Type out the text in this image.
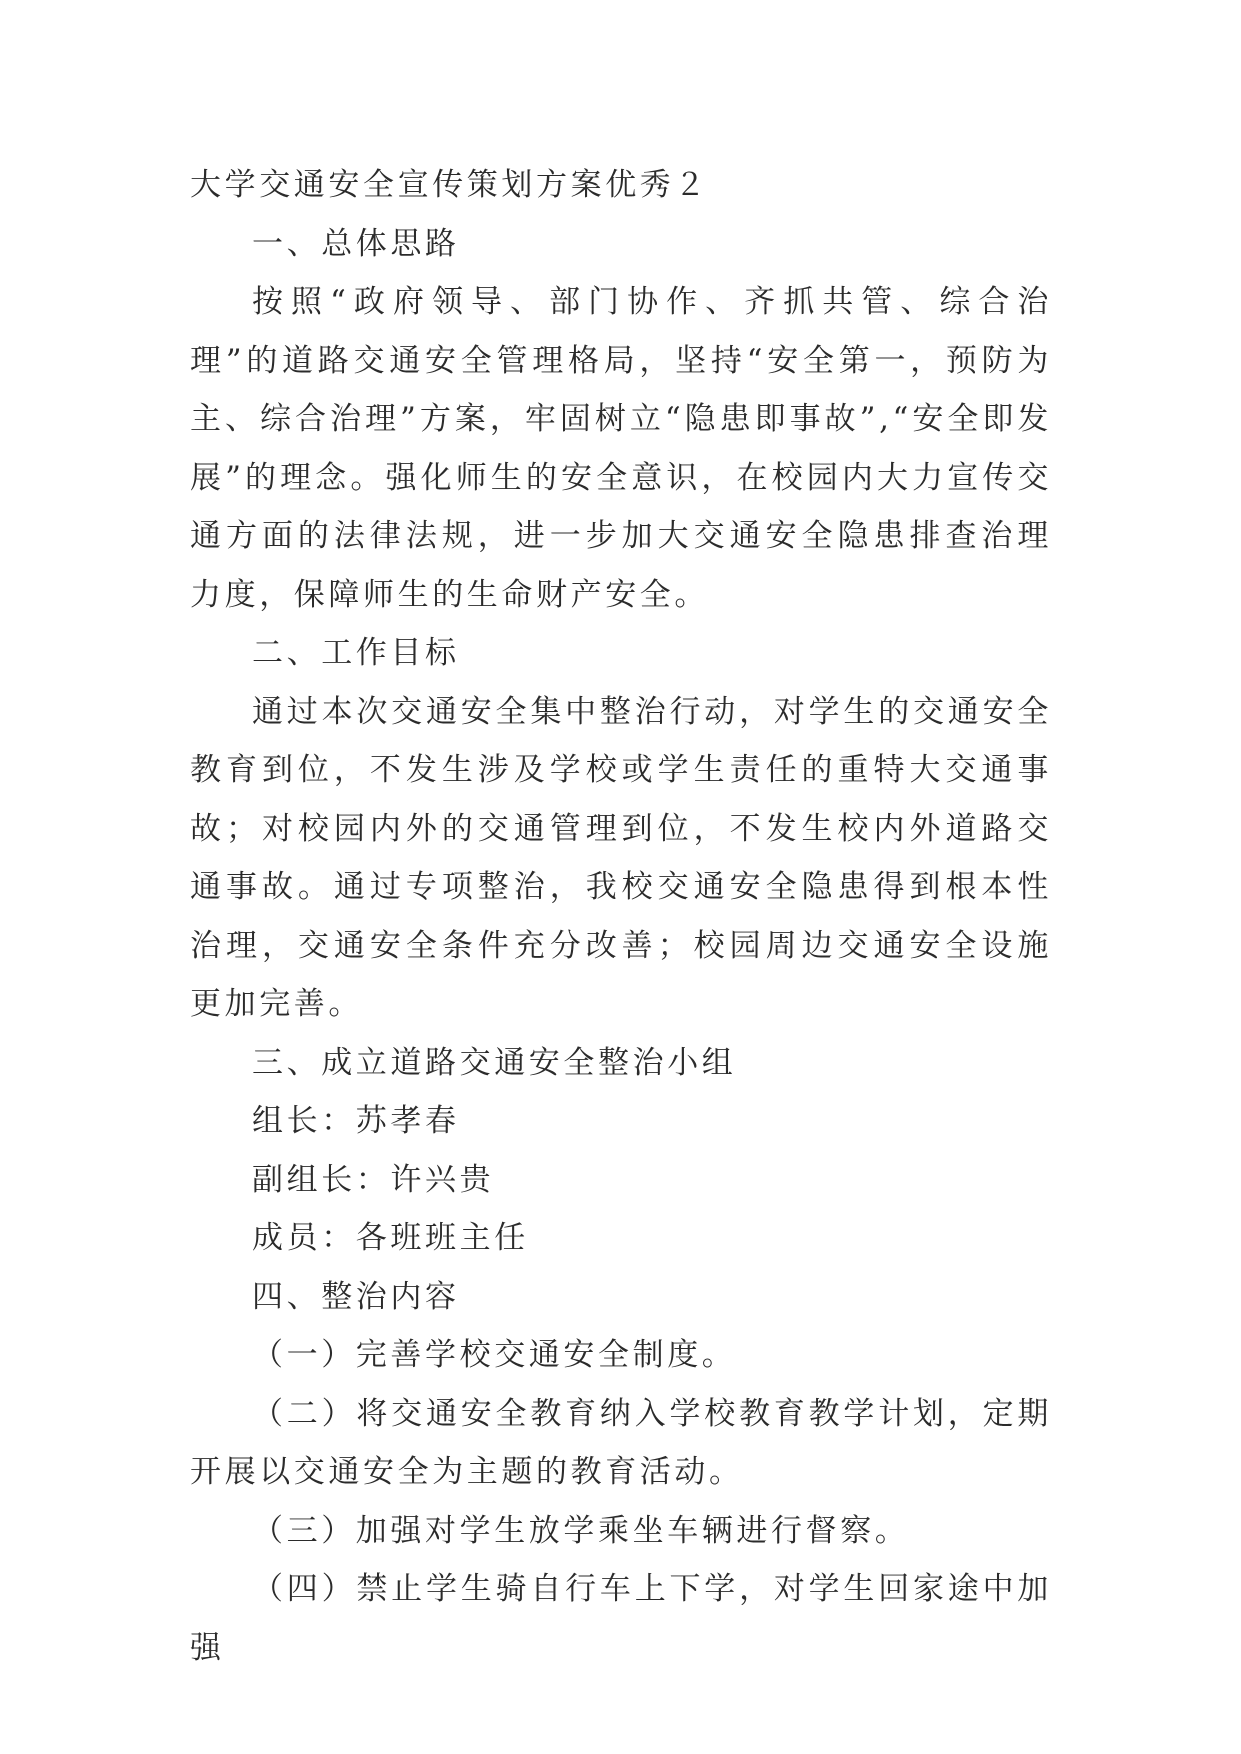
大学交通安全宣传策划方案优秀２

一、总体思路

按照“政府领导、部门协作、齐抓共管、综合治理”的道路交通安全管理格局，坚持“安全第一，预防为主、综合治理”方案，牢固树立“隐患即事故”,“安全即发展”的理念。强化师生的安全意识，在校园内大力宣传交通方面的法律法规，进一步加大交通安全隐患排查治理力度，保障师生的生命财产安全。

二、工作目标

通过本次交通安全集中整治行动，对学生的交通安全教育到位，不发生涉及学校或学生责任的重特大交通事故；对校园内外的交通管理到位，不发生校内外道路交通事故。通过专项整治，我校交通安全隐患得到根本性治理，交通安全条件充分改善；校园周边交通安全设施更加完善。

三、成立道路交通安全整治小组

组长：苏孝春

副组长：许兴贵

成员：各班班主任

四、整治内容

（一）完善学校交通安全制度。

（二）将交通安全教育纳入学校教育教学计划，定期开展以交通安全为主题的教育活动。

（三）加强对学生放学乘坐车辆进行督察。

（四）禁止学生骑自行车上下学，对学生回家途中加强
